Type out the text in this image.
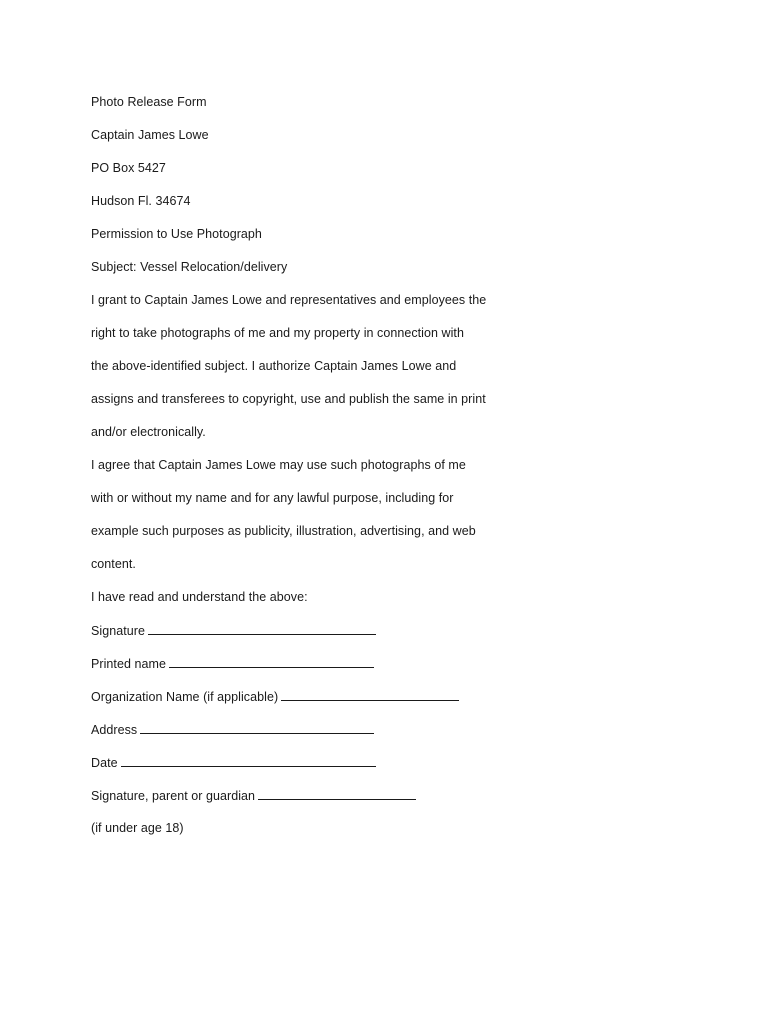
Photo Release Form
Captain James Lowe
PO Box 5427
Hudson Fl. 34674
Permission to Use Photograph
Subject: Vessel Relocation/delivery
I grant to Captain James Lowe and representatives and employees the
right to take photographs of me and my property in connection with
the above-identified subject. I authorize Captain James Lowe and
assigns and transferees to copyright, use and publish the same in print
and/or electronically.
I agree that Captain James Lowe may use such photographs of me
with or without my name and for any lawful purpose, including for
example such purposes as publicity, illustration, advertising, and web
content.
I have read and understand the above:
Signature
Printed name
Organization Name (if applicable)
Address
Date
Signature, parent or guardian
(if under age 18)
